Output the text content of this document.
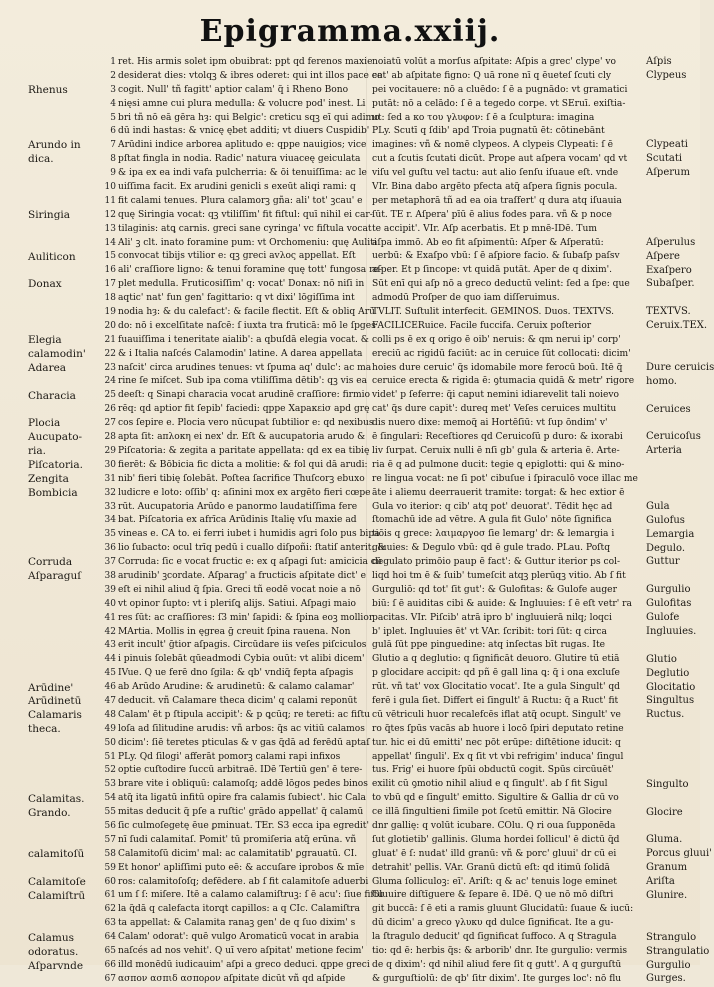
Epigramma.xxiij.
Rhenus
Arundo in
dica.
Siringia
Auliticon
Donax
Elegia
calamodin'
Adarea
Characia
Plocia
Aucupato-
ria.
Piſcatoria.
Zengita
Bombicia
Corruda
Aſparaguſ
Arūdine'
Arūdinetū
Calamaris
theca.
Calamitas.
Grando.
calamitoſū
Calamitoſe
Calamiſtrū
Calamus
odoratus.
Aſparvnde
1
2
3
4
5
6
7
8
9
10
11
12
13
14
15
16
17
18
19
20
21
22
23
24
25
26
27
28
29
30
31
32
33
34
35
36
37
38
39
40
41
42
43
44
45
46
47
48
49
50
51
52
53
54
55
56
57
58
59
60
61
62
63
64
65
66
67
ret. His armis solet ipm obuibrat: ppt qd ferenos maxie
desiderat dies: vtolqꝫ & ibres oderet: qui int illos pace ee
cogit. Null' tñ fagitt' aptior calam' q̃ i Rheno Bono
nięsi amne cui plura medulla: & volucre pod' inest. Li
bri tñ nō eā gēra hȝ: qui Belgic': creticu sqꝫ eī qui adimo
dū indi hastas: & vnicę ębet additi; vt diuers Cuspidib'
Arūdini indice arborea aplitudo e: qppe nauigios; vice
pſtat fingla in nodia. Radic' natura viuaceę geiculata
& ipa ex ea indi vafa pulcherria: & ōi tenuiſſima: ac le
uiſſima facit. Ex arudini genicli s exeūt aliqi rami: q
fit calami tenues. Plura calamorꝫ gña: ali' tot' ꝫcau' e
quę Siringia vocat: qꝫ vtiliſſim' fit fiſtul: quī nihil ei car-
tilaginis: atꝗ carnis. greci sane cyringa' vc fiſtula vocat
Ali' ꝫ clt. inato foramine pum: vt Orchomeniu: quę Auliti
convocat tibijs vtilior e: qꝫ greci avλoς appellat. Eſt
ali' craſſiore ligno: & tenui foramine quę tott' fungosa re-
plet medulla. Fruticosiſſim' q: vocat' Donax: nō niſi in
aqtic' nat' fun gen' fagittario: q vt dixi' lōgiſſima int
nodia hȝ: & du calefact': & facile flectit. Eſt & obliq Arū
do: nō i excelſitate naſcē: ſ iuxta tra fruticā: mō le ſpges
fuauiſſima i teneritate aialib': a qbuſdā elegia vocat. &
& i Italia naſcés Calamodin' latine. A darea appellata
naſcit' circa arudines tenues: vt ſpuma aq' dulc': ac ma
rine ſe miſcet. Sub ipa coma vtiliſſima dētib': qꝫ vis ea
deeſt: q Sinapi characia vocat arudinē craſſiore: firmio
rēq: qd aptior fit ſepib' faciedi: qppe Xapaκεiσ apd grę
cos ſepire e. Plocia vero nūcupat ſubtilior e: qd nexibus
apta ſit: aπλoκη ei nex' ḋr. Eſt & aucupatoria arudo &
Piſcatoria: & zegita a paritate appellata: qd ex ea tibię
fierēt: & Bōbicia fic dicta a molitie: & fol qui dā arudi:
nib' fieri tibię ſolebāt. Poſtea ſacrifice Thuſcorꝫ ebuxo
ludicre e loto: oſſib' q: aſinini mox ex argēto fieri cœpe
rūt. Aucupatoria Arūdo e panormo laudatiſſima fere
bat. Piſcatoria ex afrīca Arūdinis Italię vſu maxie ad
vineas e. CA to. ei ferri iubet i humidis agri ſolo pus bipa
lio ſubacto: ocul trīq pedū i cuallo diſpoñi: ſtatiſ anterit: &
Corruda: ſic e vocat fructic e: ex q aſpagi ſut: amicicia cū
arudinib' ꝫcordate. Aſparag' a fructicis aſpitate dict' e
eſt ei nihil aliud q̃ ſpia. Greci tñ eodē vocat noie a nō
vt opinor ſupto: vt i pleriſꝗ alijs. Satiui. Aſpagi maio
res ſūt: ac craſſiores: ſ3 min' ſapidi: & ſpina eoꝫ mollior
MArtia. Mollis in ęgrea ḡ creuit ſpina rauena. Non
erit incult' ḡtior aſpagis. Circūdare iis veſes piſciculos
i pinuis ſolebāt qūeadmodi Cybia ouūt: vt alibi dicem'
IVue. Q ue ferē dno ſgila: & qb' vndiq̃ fepta aſpagis
ab Arūdo Arudine: & arudinetū: & calamo calamar'
deducit. vñ Calamare theca dicim' q calami reponūt
Calam' ēt p ſtipula accipit': & p ꝗcūq; re tereti: ac fiſtu
loſa ad ſilitudine arudis: vñ arbos: q̃s ac vitiū calamos
dicim': ſiē teretes pticulas & v gas q̃dā ad ferēdū aptaſ
PLy. Qd ſilogi' afferāt pomorꝫ calami rapi infixos
optie cuſtodire ſuccū arbitraē. IDē Tertiū gen' ē tere-
brare vite i obliquū: calamoſq; addē lōgos pedes binos
atq̃ ita ligatū infitū opire fra calamis ſubiect'. hic Cala
mitas deducit q̃ pſe a ruſtic' grādo appellat' q̃ calamū
ſic culmoſegetę ēue ꝑminuat. TEr. S3 ecca ipa egredit'
nī ſudi calamitaſ. Pomit' tū promiſeria atq̃ erūna. vñ
Calamitoſū dicim' mal: ac calamitatib' ꝑgrauatū. CI.
Et honor' apliſſimi puto eē: & accuſare iprobos & mīe
ros: calamitoſoſq; defēdere. ab ſ fit calamitoſe aduerbi
um ſ ſ: miſere. Itē a calamo calamiſtruꝫ: ſ ē acu': ſiue fiſtu
la q̃dā q calefacta itorqt capillos: a q CIc. Calamiſtra
ta appellat: & Calamita ranaꝫ gen' de q ſuo dixim' s
Calam' odorat': quē vulgo Aromaticū vocat in arabia
naſcés ad nos vehit'. Q uī vero aſpitat' metione fecim'
illd monēdū iudicauim' aſpi a greco deduci. qppe greci
ασπον ασπιδ ασπορoν aſpitate dicūt vñ qd aſpide
noiatū volūt a morſus aſpitate: Aſpis a grec' clype' vo
cat' ab aſpitate figno: Q uā rone nī q ēueteſ ſcuti cly
pei vocitauere: nō a cluēdo: ſ ē a pugnādo: vt gramatici
putāt: nō a celādo: ſ ē a tegedo corpe. vt SEruī. exiſtia-
ut: ſed a κo τoυ γλυφoν: ſ ē a ſculptura: imagina
PLy. Scutī q ſdib' apd Troia pugnatū ēt: cōtinebānt
imagines: vñ & nomē clypeos. A clypeis Clypeati: ſ ē
cut a ſcutis ſcutati dicūt. Prope aut aſpera vocam' qd vt
viſu vel guſtu vel tactu: aut alio ſenſu iſuaue eſt. vnde
VIr. Bina dabo argēto pfecta atq̃ aſpera ſignis pocula.
per metaphorā tñ ad ea oia traſfert' q dura atq iſuauia
ſūt. TE r. Aſpera' pīū ē alius fodes para. vñ & p noce
te accipit'. VIr. Aſp acerbatis. Et p mnē-IDē. Tum
aſpa immō. Ab eo fit aſpimentū: Aſper & Aſperatū:
uerbū: & Exaſpo vbū: ſ ē aſpiore facio. & ſubaſp paſsv
aſper. Et p ſincope: vt quidā putāt. Aper de q dixim'.
Sūt enī qui aſp nō a greco deductū velint: ſed a ſpe: que
admodū Proſper de quo iam diſſeruimus.
TVLIT. Suſtulit interfecit. GEMINOS. Duos. TEXTVS.
FACILICERuice. Facile fuccifa. Ceruix poſterior
colli ps ē ex q origo ē oib' neruis: & qm nerui ip' corp'
ereciū ac rigidū faciūt: ac in ceruice ſūt collocati: dicim'
hoies dure ceruic' q̃s idomabile more ferocū boū. Itē q̃
ceruice erecta & rigida ē: ꝯtumacia quidā & metr' rigore
videt' p ſeferre: q̃i caput nemini idiarevelit tali noievo
cat' q̃s dure capit': dureq met' Veſes ceruices multitu
dis nuero dixe: memoq̃ ai Hortēſiū: vt ſup ōndim' v'
ē ſingulari: Receſtiores qd Ceruicoſū p duro: & ixorabi
liv ſurpat. Ceruix nulli ē nſi gb' gula & arteria ē. Arte-
ria ē q ad pulmone ducit: tegie ꝗ epiglotti: qui & mino-
re lingua vocat: ne ſi pot' cibuſue i ſpiraculō voce illac me
āte i aliemu deerrauerit tramite: torgat: & hec extior ē
Gula vo iterior: q cib' atq pot' deuorat'. Tēdit hęc ad
ſtomachū ide ad vētre. A gula fit Gulo' nōte ſignifica
tiōis q grece: λαιμαργoσ ſie lemarg' dr: & lemargia i
gluuies: & Degulo vbū: qd ē gule trado. PLau. Poſtq
degulato primōio paup ē fact': & Guttur iterior ps col-
liqd hoi tm ē & ſuib' tumeſcit atqꝫ plerūqꝫ vitio. Ab ſ fit
Gurguliō: qd tot' ſit gut': & Gulofitas: & Gulofe auger
biū: ſ ē auiditas cibi & auide: & Ingluuies: ſ ē eſt vetr' ra
pacitas. VIr. Piſcib' atrā ipro b' ingluuierā nilq; loqci
b' iplet. Ingluuies ēt' vt VAr. ſcribit: tori ſūt: q circa
gulā ſūt ppe pinguedine: atq inſectas bīt rugas. Ite
Glutio a q deglutio: q ſignificāt deuoro. Glutire tū etiā
p glocidare accipit: qd pñ ē gall lina ꝗ: q̃ i ona excluſe
rūt. vñ tat' vox Glocitatio vocat'. Ite a gula Singult' qd
ferē i gula ſiet. Differt ei ſingult' ā Ructu: q̃ a Ruct' fit
cū vētriculi huor recalefcēs iflat atq̃ ocupt. Singult' ve
ro q̃tes ſpūs vacās ab huore i locō ſpiri deputato retine
tur. hic ei dū emitti' nec pōt erūpe: diſtētione iducit: q
appellat' ſinguli'. Ex q ſit vt vbi refrigim' induca' ſingul
tus. Frig' ei huore ſpūi obductū cogit. Spūs circūuēt'
exilit cū ꝯmotio nihil aliud e q ſingult'. ab ſ fit Sigul
to vbū qd e ſingult' emitto. Sigultire & Gallia dr cū vo
ce illā ſingultieni ſimile pot ſcetū emittir. Nā Glocire
dnr gallię: q volūt icubare. COlu. Q ri oua ſupponēda
ſut glotietib' gallinis. Gluma hordei ſollicul' ē dictū q̃d
gluat' ē ſ: nudat' illd granū: vñ & porc' gluui' dr cū ei
detrahit' pellis. VAr. Granū dictū eſt: qd itimū ſolidā
Gluma ſolliculoꝫ: eī'. Ariſt: q & ac' tenuis loge eminet
Gluuire diſtīguere & ſepare ē. IDē. Q ue nō mō diſtri
git buccā: ſ ē eti a ramis gluunt Glucidatū: ſuaue & iucū:
dū dicim' a greco γλυκυ qd dulce ſignificat. Ite a gu-
la ſtragulo deducit' qd ſignificat ſuffoco. A q Stragula
tio: qd ē: herbis q̃s: & arborib' dnr. Ite gurgulio: vermis
de q dixim': qd nihil aliud fere ſit q gutt'. A q gurguſtū
& gurguſtiolū: de qb' ſitr dixim'. Ite gurges loc': nō flu
Aſpis
Clypeus
Clypeati
Scutati
Aſperum
Aſperulus
Aſpere
Exaſpero
Subaſper.
TEXTVS.
Ceruix.TEX.
Dure ceruicis
homo.
Ceruices
Ceruicoſus
Arteria
Gula
Gulofus
Lemargia
Degulo.
Guttur
Gurgulio
Gulofitas
Gulofe
Ingluuies.
Glutio
Deglutio
Glocitatio
Singultus
Ructus.
Singulto
Glocire
Gluma.
Porcus gluui'
Granum
Ariſta
Glunire.
Strangulo
Strangulatio
Gurgulio
Gurges.
